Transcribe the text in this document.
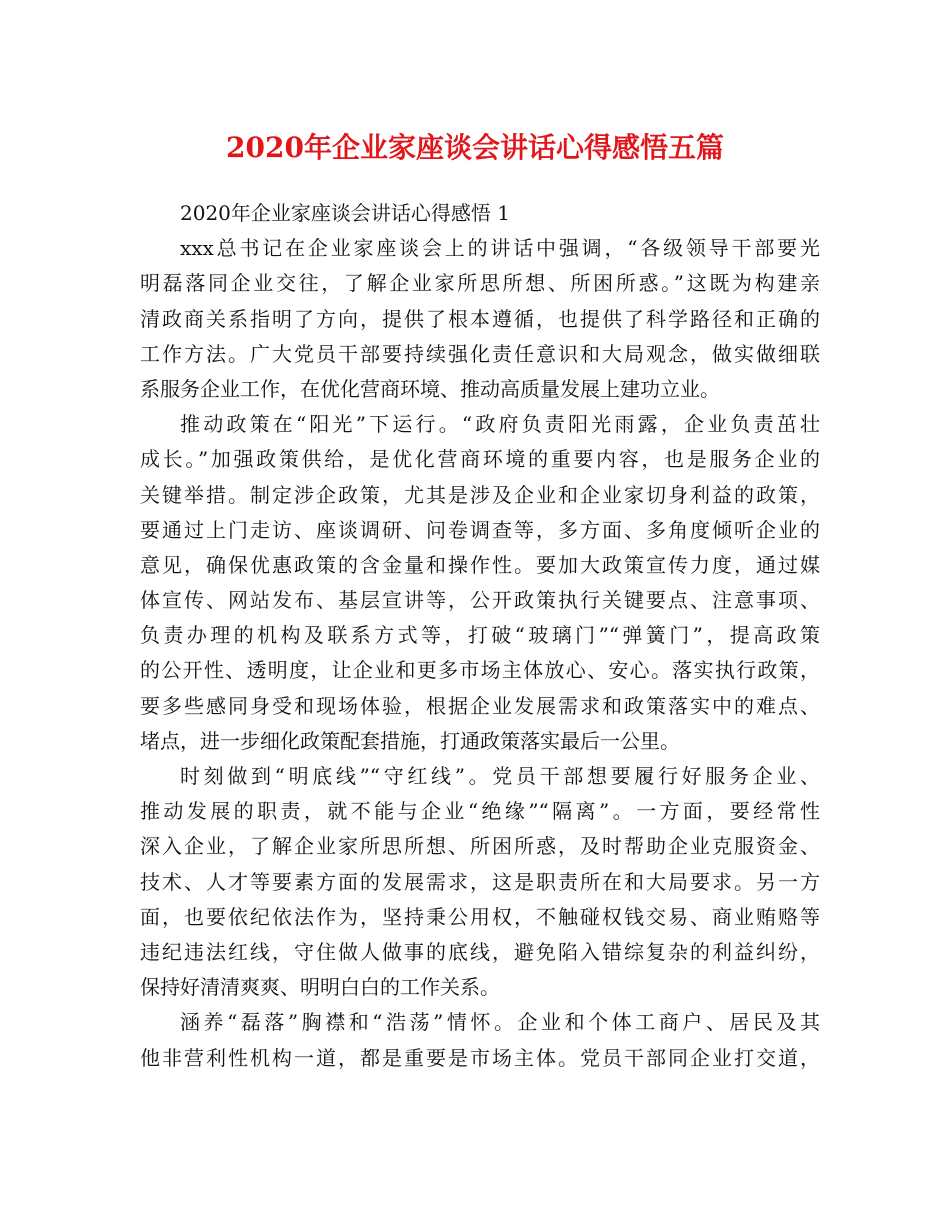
2020年企业家座谈会讲话心得感悟五篇
2020年企业家座谈会讲话心得感悟 1
xxx总书记在企业家座谈会上的讲话中强调，“各级领导干部要光
明磊落同企业交往，了解企业家所思所想、所困所惑。”这既为构建亲
清政商关系指明了方向，提供了根本遵循，也提供了科学路径和正确的
工作方法。广大党员干部要持续强化责任意识和大局观念，做实做细联
系服务企业工作，在优化营商环境、推动高质量发展上建功立业。
推动政策在“阳光”下运行。“政府负责阳光雨露，企业负责茁壮
成长。”加强政策供给，是优化营商环境的重要内容，也是服务企业的
关键举措。制定涉企政策，尤其是涉及企业和企业家切身利益的政策，
要通过上门走访、座谈调研、问卷调查等，多方面、多角度倾听企业的
意见，确保优惠政策的含金量和操作性。要加大政策宣传力度，通过媒
体宣传、网站发布、基层宣讲等，公开政策执行关键要点、注意事项、
负责办理的机构及联系方式等，打破“玻璃门”“弹簧门”，提高政策
的公开性、透明度，让企业和更多市场主体放心、安心。落实执行政策，
要多些感同身受和现场体验，根据企业发展需求和政策落实中的难点、
堵点，进一步细化政策配套措施，打通政策落实最后一公里。
时刻做到“明底线”“守红线”。党员干部想要履行好服务企业、
推动发展的职责，就不能与企业“绝缘”“隔离”。一方面，要经常性
深入企业，了解企业家所思所想、所困所惑，及时帮助企业克服资金、
技术、人才等要素方面的发展需求，这是职责所在和大局要求。另一方
面，也要依纪依法作为，坚持秉公用权，不触碰权钱交易、商业贿赂等
违纪违法红线，守住做人做事的底线，避免陷入错综复杂的利益纠纷，
保持好清清爽爽、明明白白的工作关系。
涵养“磊落”胸襟和“浩荡”情怀。企业和个体工商户、居民及其
他非营利性机构一道，都是重要是市场主体。党员干部同企业打交道，
